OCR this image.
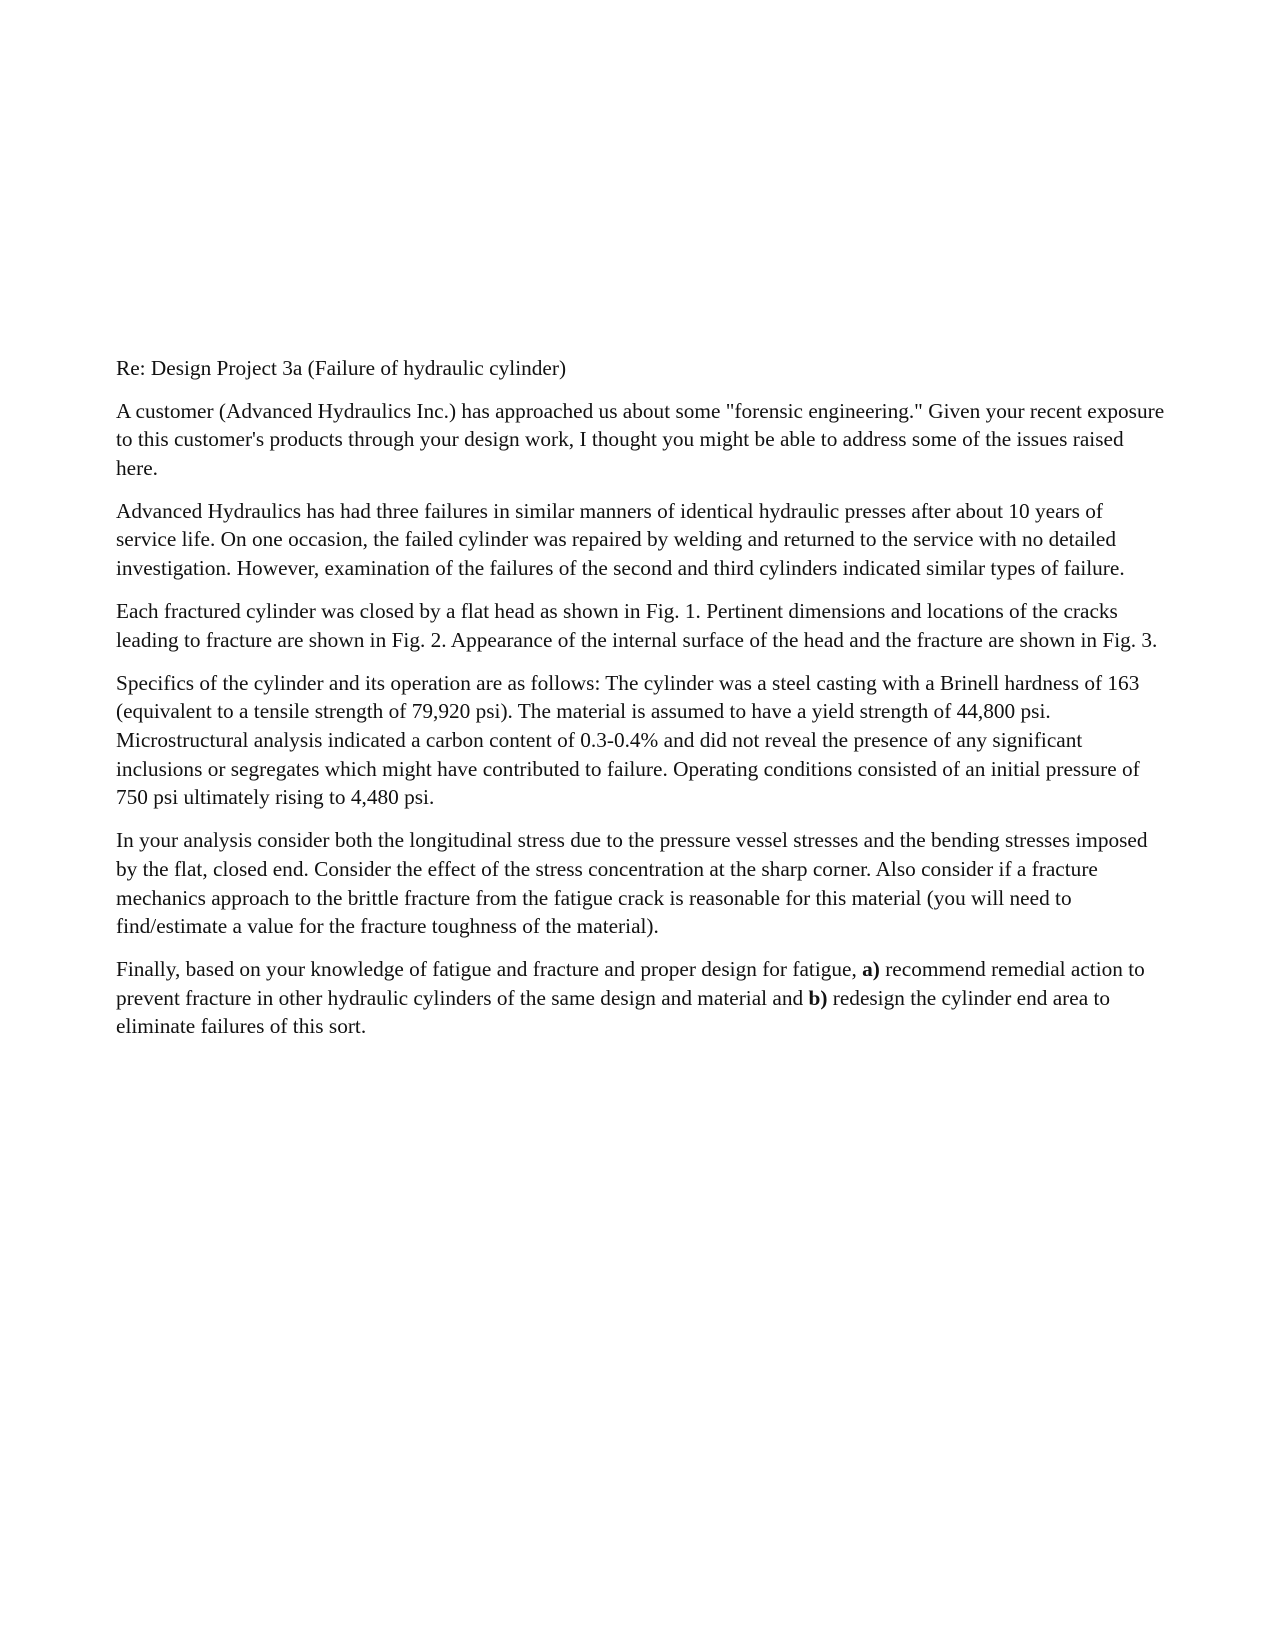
Re: Design Project 3a (Failure of hydraulic cylinder)

A customer (Advanced Hydraulics Inc.) has approached us about some "forensic engineering." Given your recent exposure to this customer's products through your design work, I thought you might be able to address some of the issues raised here.

Advanced Hydraulics has had three failures in similar manners of identical hydraulic presses after about 10 years of service life. On one occasion, the failed cylinder was repaired by welding and returned to the service with no detailed investigation. However, examination of the failures of the second and third cylinders indicated similar types of failure.

Each fractured cylinder was closed by a flat head as shown in Fig. 1. Pertinent dimensions and locations of the cracks leading to fracture are shown in Fig. 2. Appearance of the internal surface of the head and the fracture are shown in Fig. 3.

Specifics of the cylinder and its operation are as follows: The cylinder was a steel casting with a Brinell hardness of 163 (equivalent to a tensile strength of 79,920 psi). The material is assumed to have a yield strength of 44,800 psi. Microstructural analysis indicated a carbon content of 0.3-0.4% and did not reveal the presence of any significant inclusions or segregates which might have contributed to failure. Operating conditions consisted of an initial pressure of 750 psi ultimately rising to 4,480 psi.

In your analysis consider both the longitudinal stress due to the pressure vessel stresses and the bending stresses imposed by the flat, closed end. Consider the effect of the stress concentration at the sharp corner. Also consider if a fracture mechanics approach to the brittle fracture from the fatigue crack is reasonable for this material (you will need to find/estimate a value for the fracture toughness of the material).

Finally, based on your knowledge of fatigue and fracture and proper design for fatigue, a) recommend remedial action to prevent fracture in other hydraulic cylinders of the same design and material and b) redesign the cylinder end area to eliminate failures of this sort.
